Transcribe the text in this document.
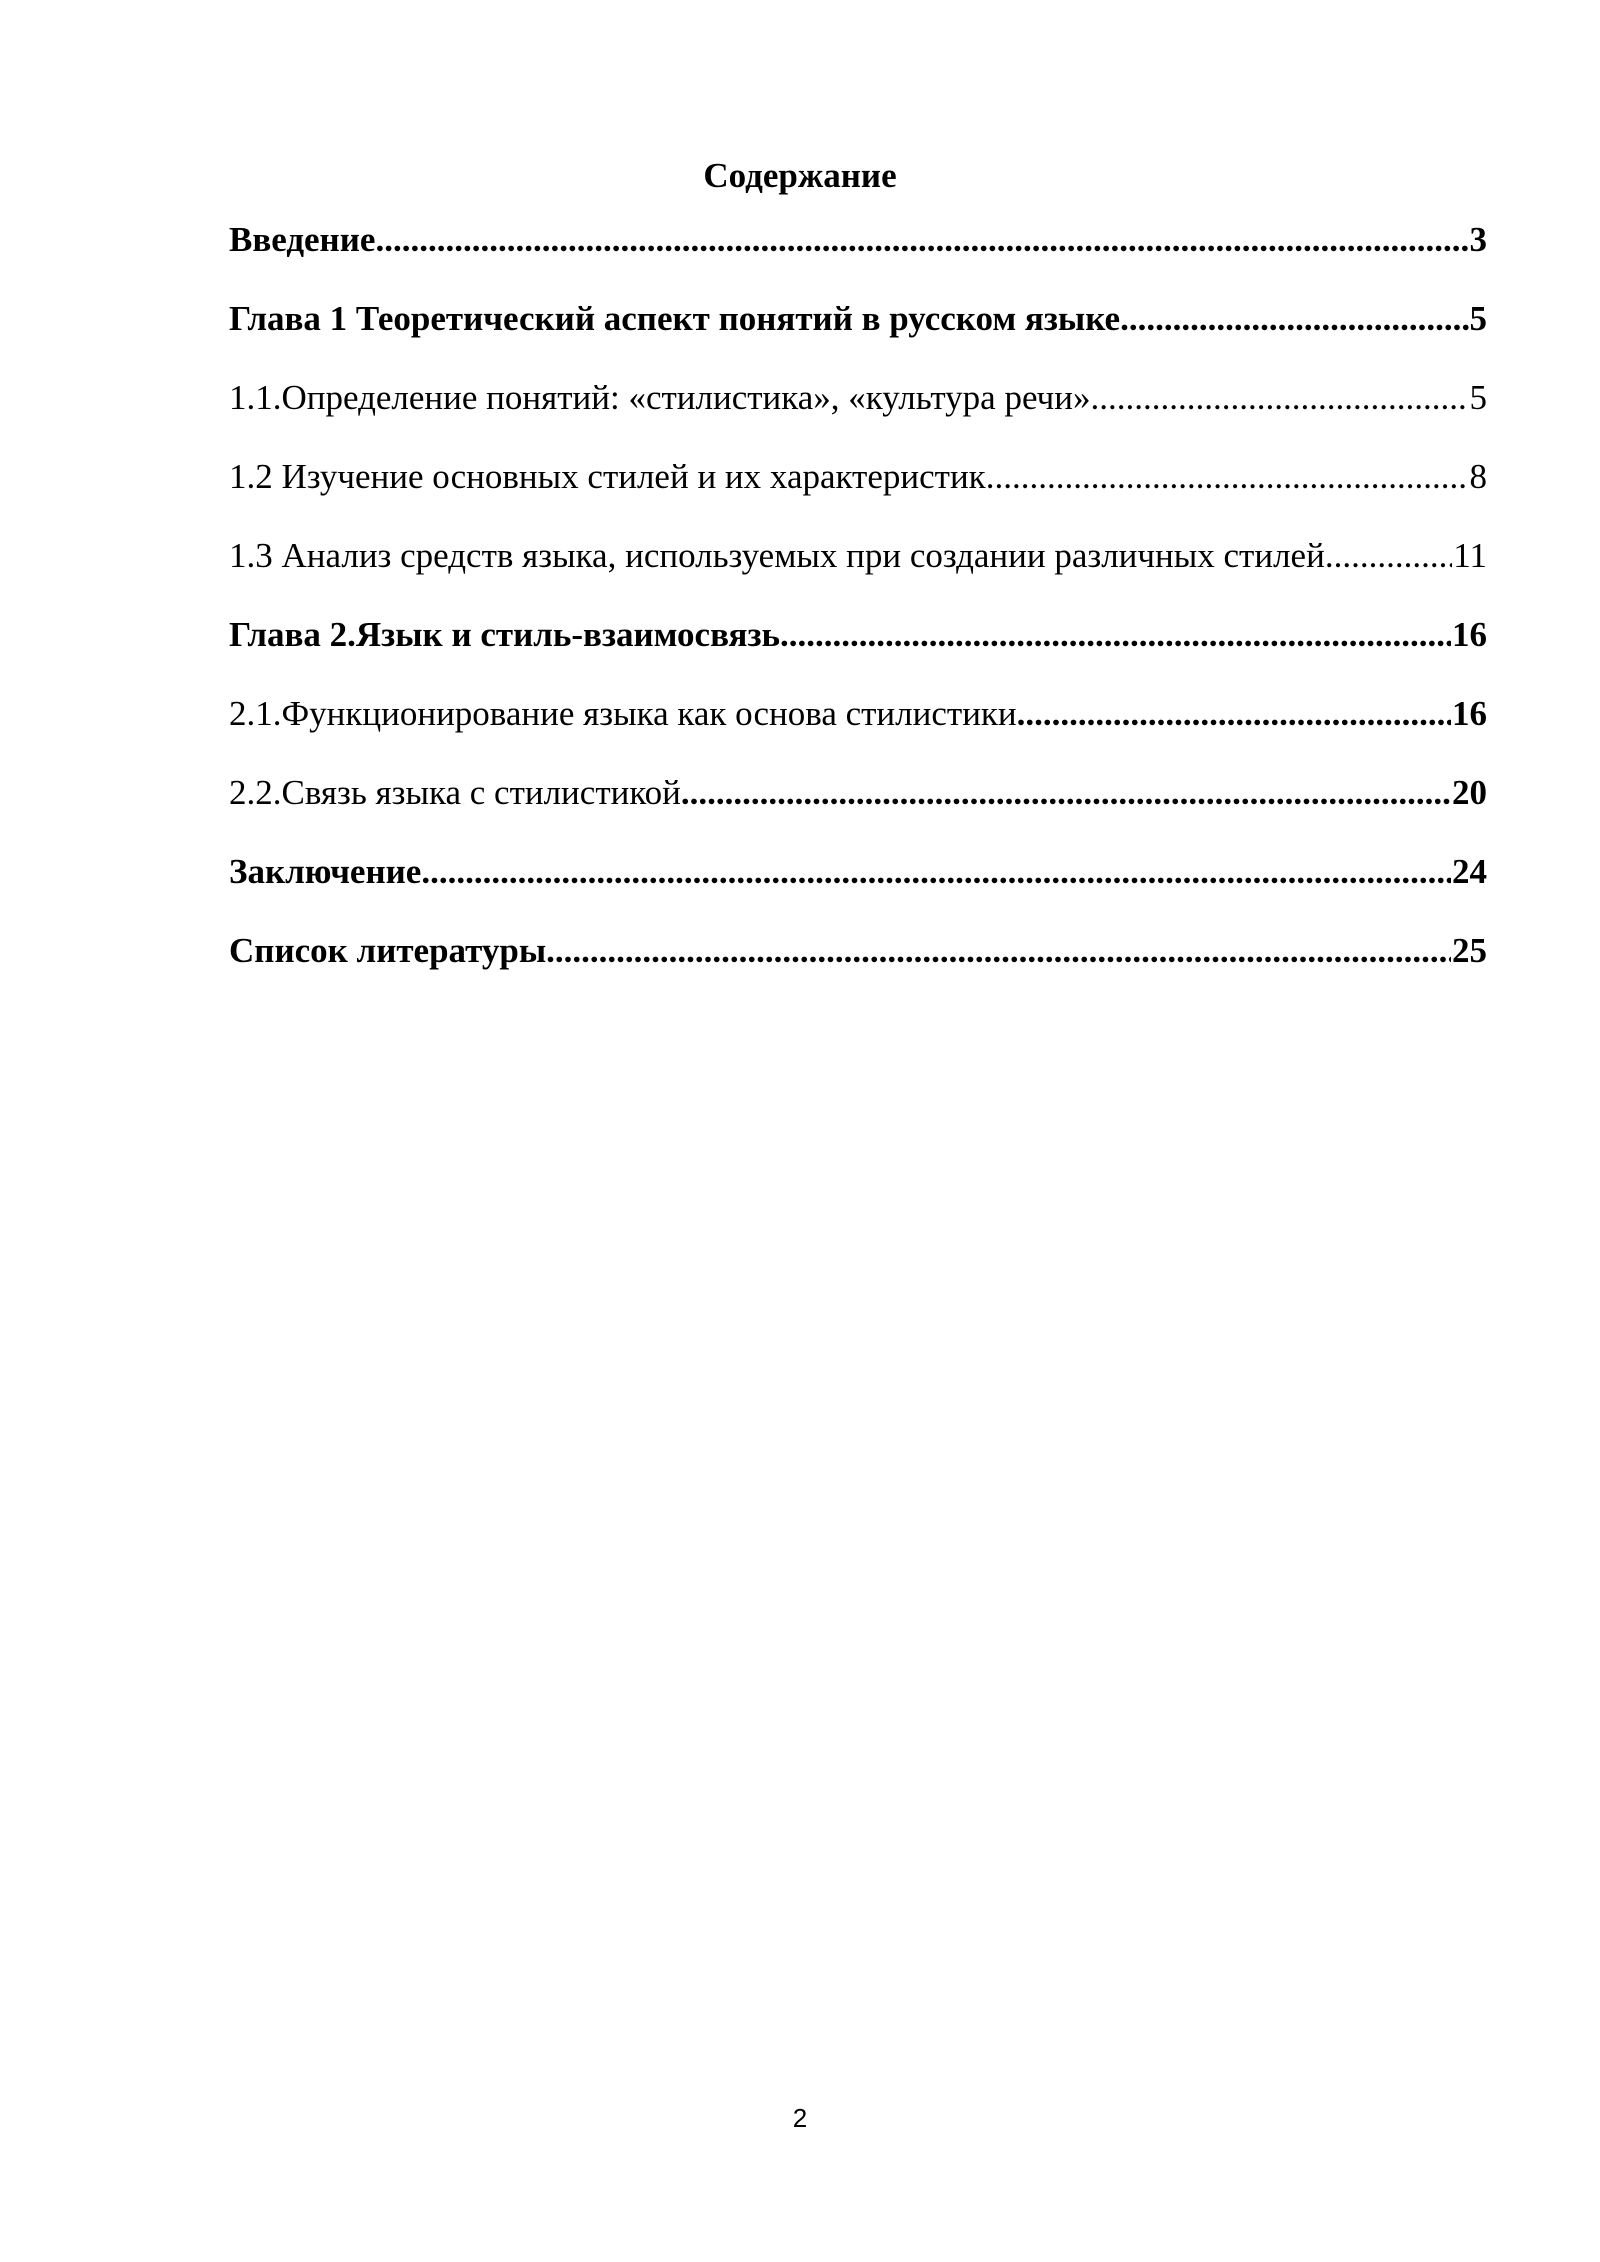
Содержание
Введение .....	3
Глава 1 Теоретический аспект понятий в русском языке .....	5
1.1.Определение понятий: «стилистика», «культура речи» .....	5
1.2 Изучение основных стилей и их характеристик .....	8
1.3 Анализ средств языка, используемых при создании различных стилей .....	11
Глава 2.Язык и стиль-взаимосвязь .....	16
2.1.Функционирование языка как основа стилистики .....	16
2.2.Связь языка с стилистикой .....	20
Заключение .....	24
Список литературы .....	25
2
